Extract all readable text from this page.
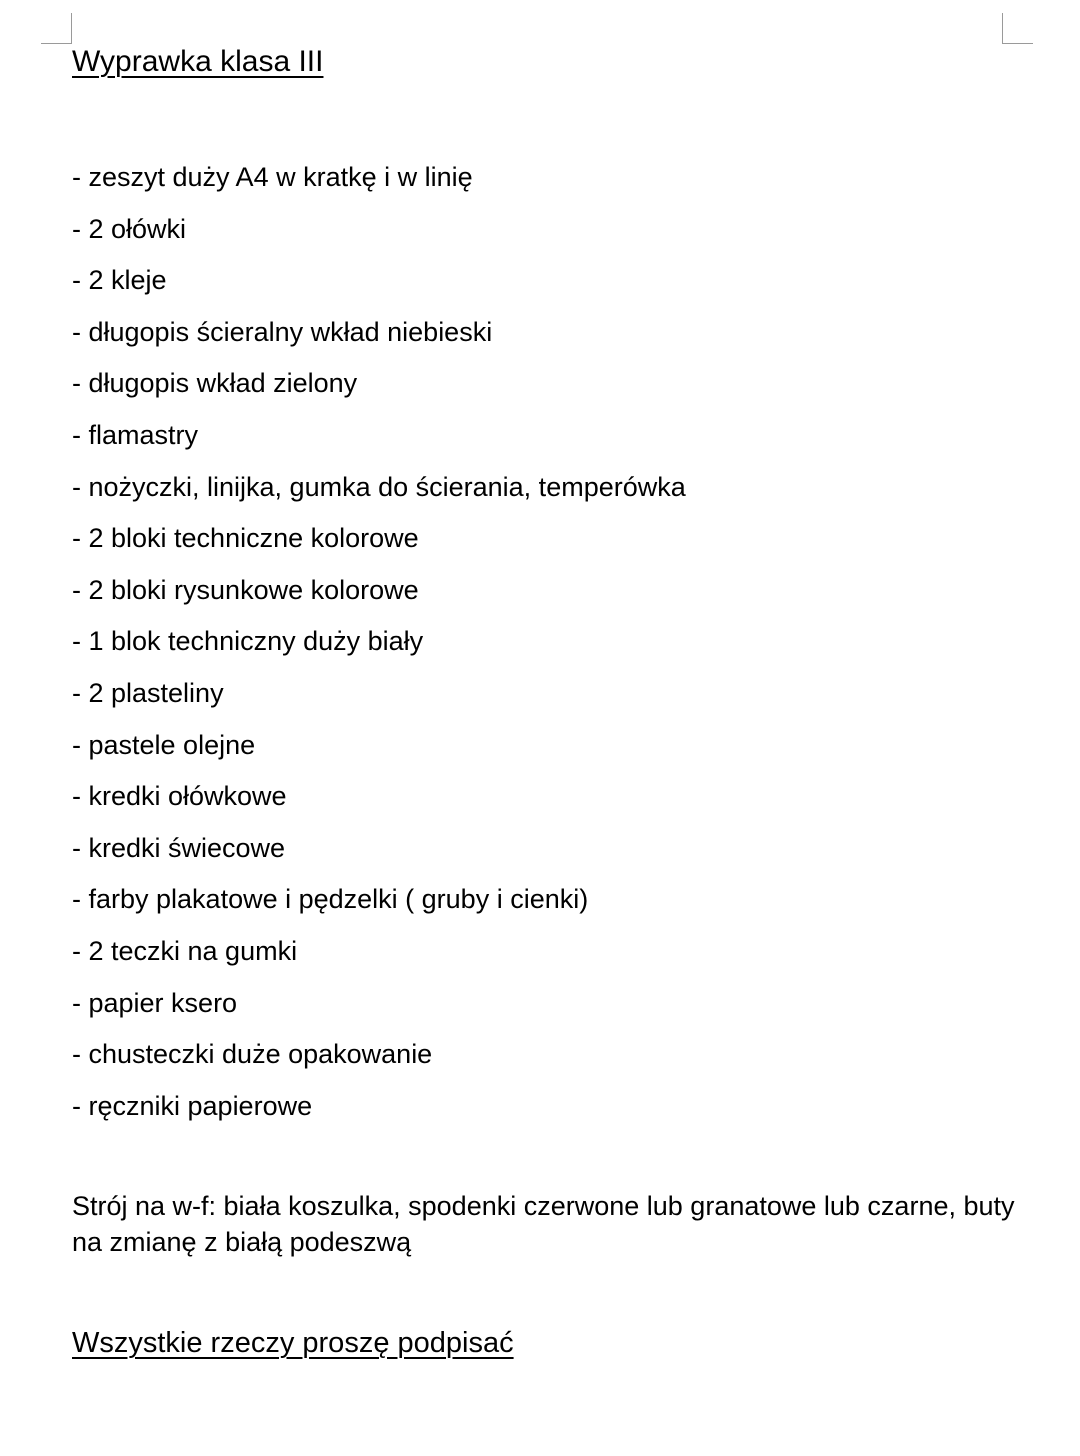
Wyprawka klasa III
- zeszyt duży A4 w kratkę i w linię
- 2 ołówki
- 2 kleje
- długopis ścieralny wkład niebieski
- długopis wkład zielony
- flamastry
- nożyczki, linijka, gumka do ścierania, temperówka
- 2 bloki techniczne kolorowe
- 2 bloki rysunkowe kolorowe
- 1 blok techniczny duży biały
- 2 plasteliny
- pastele olejne
- kredki ołówkowe
- kredki świecowe
- farby plakatowe i pędzelki ( gruby i cienki)
- 2 teczki na gumki
- papier ksero
- chusteczki duże opakowanie
- ręczniki papierowe

Strój na w-f: biała koszulka, spodenki czerwone lub granatowe lub czarne, buty na zmianę z białą podeszwą

Wszystkie rzeczy proszę podpisać
